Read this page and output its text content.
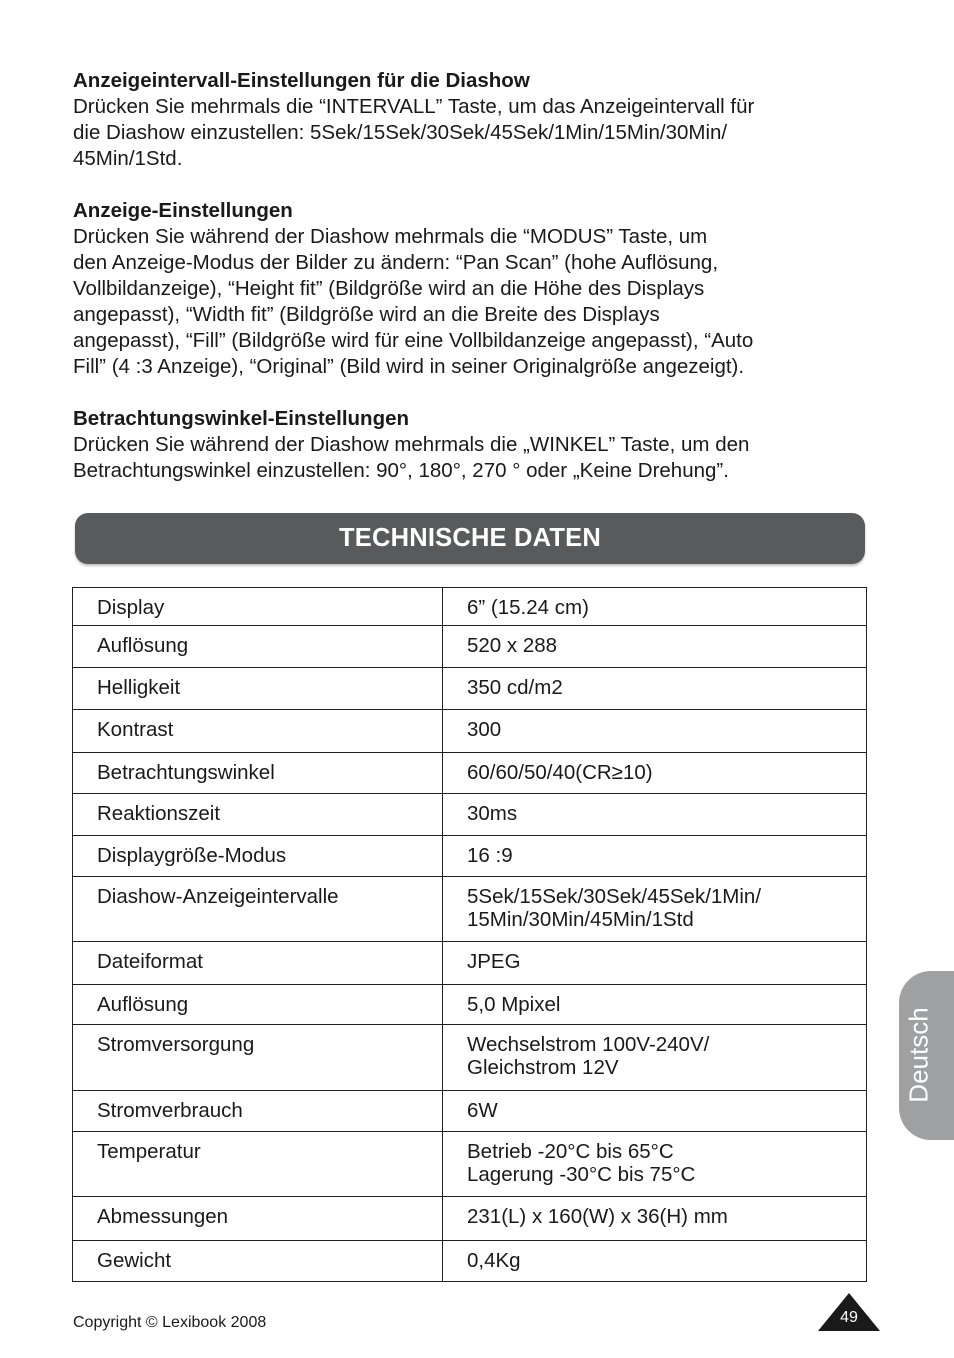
Anzeigeintervall-Einstellungen für die Diashow

Drücken Sie mehrmals die “INTERVALL” Taste, um das Anzeigeintervall für
die Diashow einzustellen: 5Sek/15Sek/30Sek/45Sek/1Min/15Min/30Min/
45Min/1Std.

Anzeige-Einstellungen

Drücken Sie während der Diashow mehrmals die “MODUS” Taste, um
den Anzeige-Modus der Bilder zu ändern: “Pan Scan” (hohe Auflösung,
Vollbildanzeige), “Height fit” (Bildgröße wird an die Höhe des Displays
angepasst), “Width fit” (Bildgröße wird an die Breite des Displays
angepasst), “Fill” (Bildgröße wird für eine Vollbildanzeige angepasst), “Auto
Fill” (4 :3 Anzeige), “Original” (Bild wird in seiner Originalgröße angezeigt).

Betrachtungswinkel-Einstellungen

Drücken Sie während der Diashow mehrmals die „WINKEL” Taste, um den
Betrachtungswinkel einzustellen: 90°, 180°, 270 ° oder „Keine Drehung”.

TECHNISCHE DATEN
Display	6” (15.24 cm)
Auflösung	520 x 288
Helligkeit	350 cd/m2
Kontrast	300
Betrachtungswinkel	60/60/50/40(CR≥10)
Reaktionszeit	30ms
Displaygröße-Modus	16 :9
Diashow-Anzeigeintervalle	5Sek/15Sek/30Sek/45Sek/1Min/
15Min/30Min/45Min/1Std
Dateiformat	JPEG
Auflösung	5,0 Mpixel
Stromversorgung	Wechselstrom 100V-240V/
Gleichstrom 12V
Stromverbrauch	6W
Temperatur	Betrieb -20°C bis 65°C
Lagerung -30°C bis 75°C
Abmessungen	231(L) x 160(W) x 36(H) mm
Gewicht	0,4Kg
Deutsch
Copyright © Lexibook 2008	49
